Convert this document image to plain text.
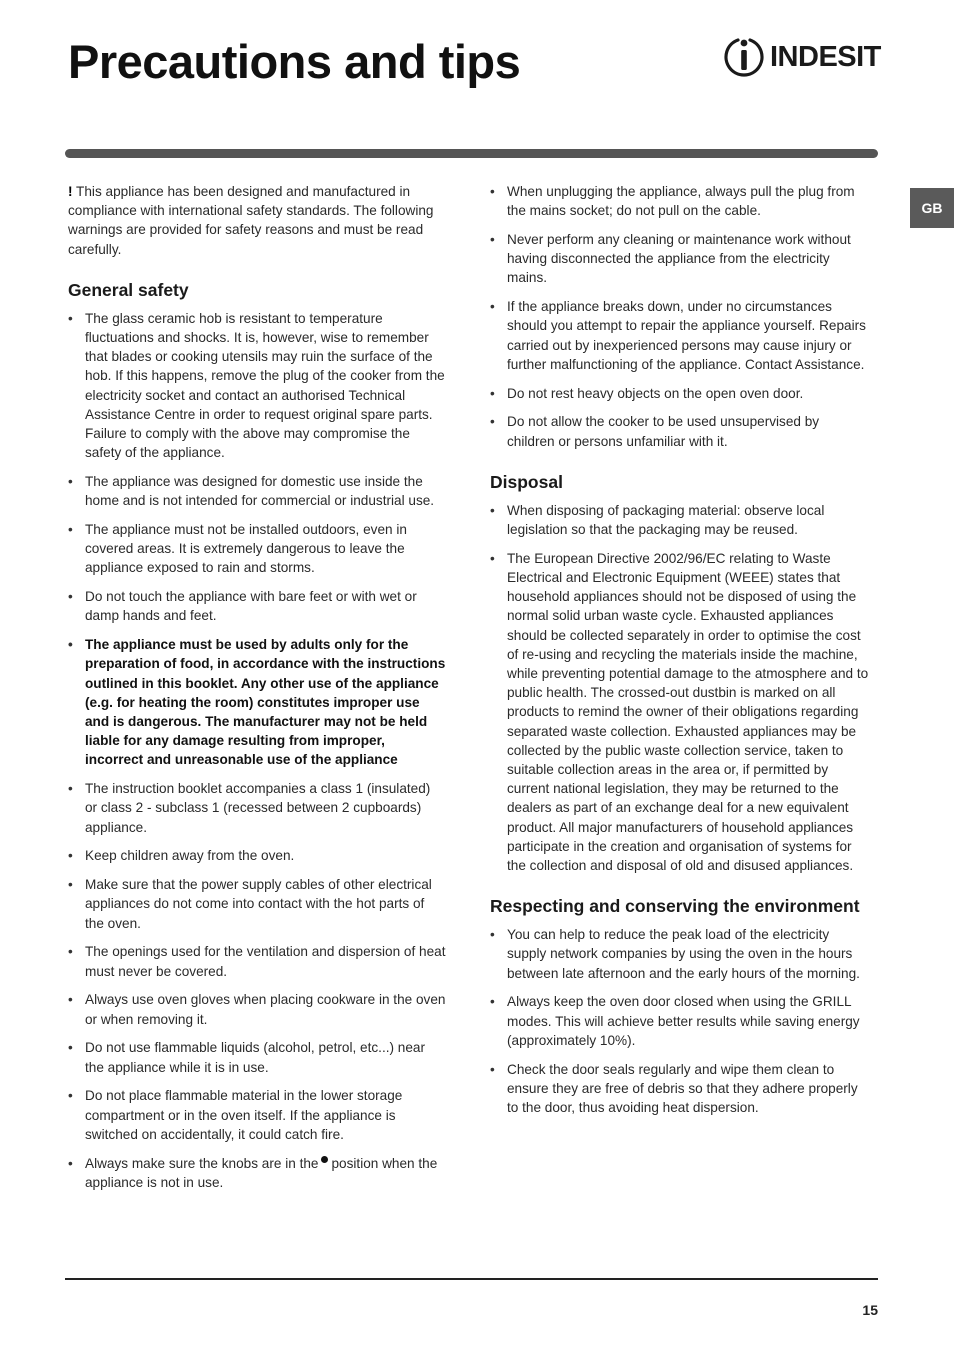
Precautions and tips	INDESIT
GB

! This appliance has been designed and manufactured in compliance with international safety standards. The following warnings are provided for safety reasons and must be read carefully.

General safety
• The glass ceramic hob is resistant to temperature fluctuations and shocks. It is, however, wise to remember that blades or cooking utensils may ruin the surface of the hob. If this happens, remove the plug of the cooker from the electricity socket and contact an authorised Technical Assistance Centre in order to request original spare parts. Failure to comply with the above may compromise the safety of the appliance.
• The appliance was designed for domestic use inside the home and is not intended for commercial or industrial use.
• The appliance must not be installed outdoors, even in covered areas. It is extremely dangerous to leave the appliance exposed to rain and storms.
• Do not touch the appliance with bare feet or with wet or damp hands and feet.
• The appliance must be used by adults only for the preparation of food, in accordance with the instructions outlined in this booklet. Any other use of the appliance (e.g. for heating the room) constitutes improper use and is dangerous. The manufacturer may not be held liable for any damage resulting from improper, incorrect and unreasonable use of the appliance
• The instruction booklet accompanies a class 1 (insulated) or class 2 - subclass 1 (recessed between 2 cupboards) appliance.
• Keep children away from the oven.
• Make sure that the power supply cables of other electrical appliances do not come into contact with the hot parts of the oven.
• The openings used for the ventilation and dispersion of heat must never be covered.
• Always use oven gloves when placing cookware in the oven or when removing it.
• Do not use flammable liquids (alcohol, petrol, etc...) near the appliance while it is in use.
• Do not place flammable material in the lower storage compartment or in the oven itself. If the appliance is switched on accidentally, it could catch fire.
• Always make sure the knobs are in the position when the appliance is not in use.
• When unplugging the appliance, always pull the plug from the mains socket; do not pull on the cable.
• Never perform any cleaning or maintenance work without having disconnected the appliance from the electricity mains.
• If the appliance breaks down, under no circumstances should you attempt to repair the appliance yourself. Repairs carried out by inexperienced persons may cause injury or further malfunctioning of the appliance. Contact Assistance.
• Do not rest heavy objects on the open oven door.
• Do not allow the cooker to be used unsupervised by children or persons unfamiliar with it.
Disposal
• When disposing of packaging material: observe local legislation so that the packaging may be reused.
• The European Directive 2002/96/EC relating to Waste Electrical and Electronic Equipment (WEEE) states that household appliances should not be disposed of using the normal solid urban waste cycle. Exhausted appliances should be collected separately in order to optimise the cost of re-using and recycling the materials inside the machine, while preventing potential damage to the atmosphere and to public health. The crossed-out dustbin is marked on all products to remind the owner of their obligations regarding separated waste collection. Exhausted appliances may be collected by the public waste collection service, taken to suitable collection areas in the area or, if permitted by current national legislation, they may be returned to the dealers as part of an exchange deal for a new equivalent product. All major manufacturers of household appliances participate in the creation and organisation of systems for the collection and disposal of old and disused appliances.
Respecting and conserving the environment
• You can help to reduce the peak load of the electricity supply network companies by using the oven in the hours between late afternoon and the early hours of the morning.
• Always keep the oven door closed when using the GRILL modes. This will achieve better results while saving energy (approximately 10%).
• Check the door seals regularly and wipe them clean to ensure they are free of debris so that they adhere properly to the door, thus avoiding heat dispersion.
15
